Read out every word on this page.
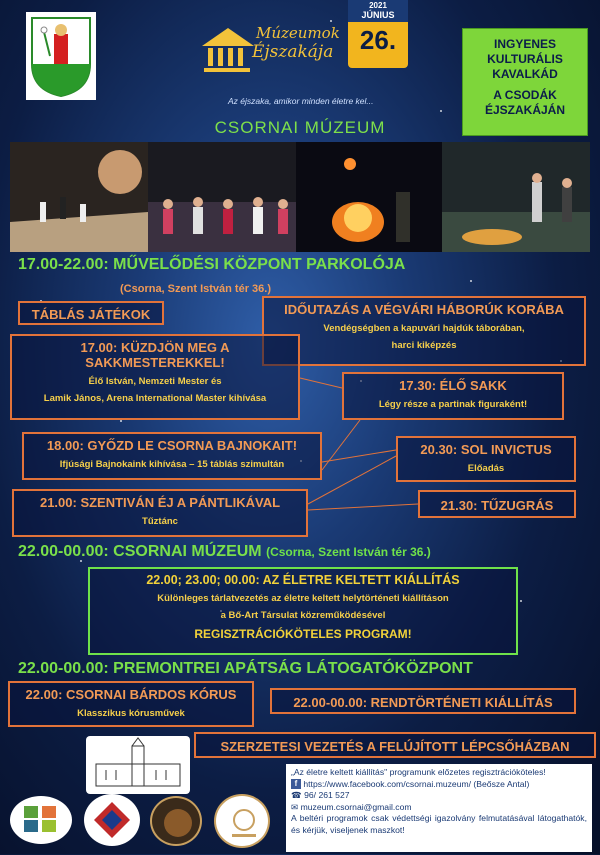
Múzeumok
Éjszakája
Az éjszaka, amikor minden életre kel...
2021
JÚNIUS
26.	INGYENES
KULTURÁLIS
KAVALKÁD
A CSODÁK
ÉJSZAKÁJÁN
CSORNAI MÚZEUM
17.00-22.00: MŰVELŐDÉSI KÖZPONT PARKOLÓJA
(Csorna, Szent István tér 36.)
TÁBLÁS JÁTÉKOK	IDŐUTAZÁS A VÉGVÁRI HÁBORÚK KORÁBA
Vendégségben a kapuvári hajdúk táborában,
harci kiképzés
17.00: KÜZDJÖN MEG A
SAKKMESTEREKKEL!
Élő István, Nemzeti Mester és
Lamik János, Arena International Master kihívása
17.30: ÉLŐ SAKK
Légy része a partinak figuraként!
18.00: GYŐZD LE CSORNA BAJNOKAIT!
Ifjúsági Bajnokaink kihívása – 15 táblás szimultán
20.30: SOL INVICTUS
Előadás
21.00: SZENTIVÁN ÉJ A PÁNTLIKÁVAL
Tűztánc
21.30: TŰZUGRÁS
22.00-00.00: CSORNAI MÚZEUM (Csorna, Szent István tér 36.)
22.00; 23.00; 00.00: AZ ÉLETRE KELTETT KIÁLLÍTÁS
Különleges tárlatvezetés az életre keltett helytörténeti kiállításon
a Bő-Art Társulat közreműködésével
REGISZTRÁCIÓKÖTELES PROGRAM!
22.00-00.00: PREMONTREI APÁTSÁG LÁTOGATÓKÖZPONT
22.00: CSORNAI BÁRDOS KÓRUS
Klasszikus kórusművek
22.00-00.00: RENDTÖRTÉNETI KIÁLLÍTÁS
SZERZETESI VEZETÉS A FELÚJÍTOTT LÉPCSŐHÁZBAN
„Az életre keltett kiállítás" programunk előzetes regisztrációköteles!
f https://www.facebook.com/csornai.muzeum/ (Beősze Antal)
☎ 96/ 261 527
✉ muzeum.csornai@gmail.com
A beltéri programok csak védettségi igazolvány felmutatásával látogathatók, és kérjük, viseljenek maszkot!
